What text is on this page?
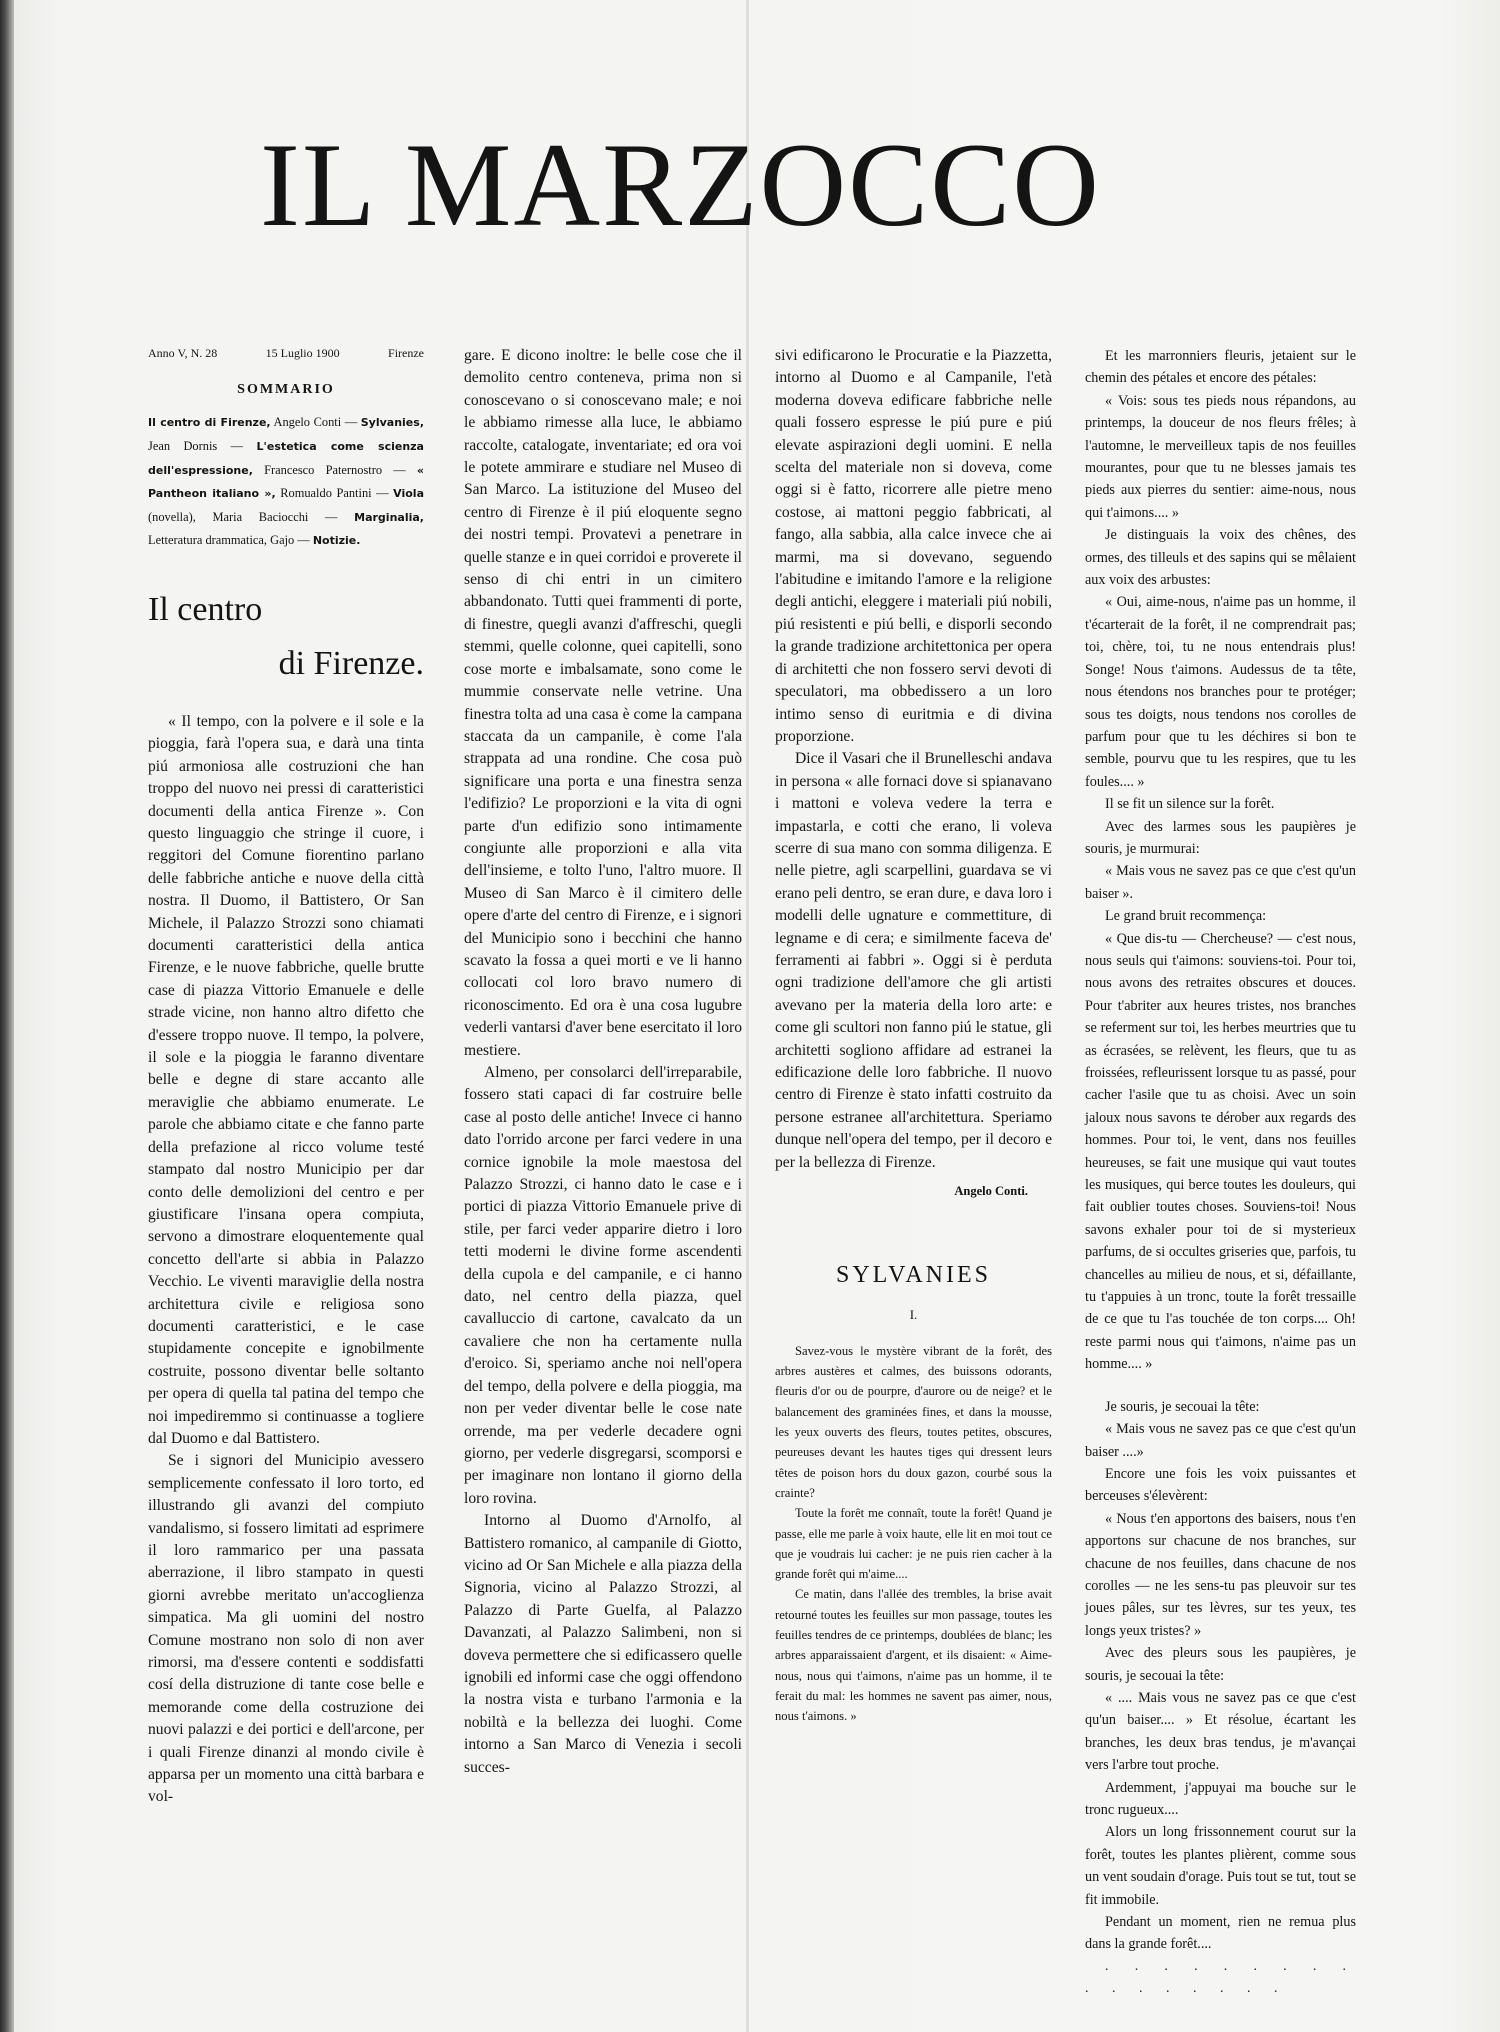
IL MARZOCCO
Anno V, N. 28	15 Luglio 1900	Firenze
SOMMARIO

Il centro di Firenze, Angelo Conti — Sylvanies, Jean Dornis — L'estetica come scienza dell'espressione, Francesco Paternostro — « Pantheon italiano », Romualdo Pantini — Viola (novella), Maria Baciocchi — Marginalia, Letteratura drammatica, Gajo — Notizie.

Il centro
di Firenze.

« Il tempo, con la polvere e il sole e la pioggia, farà l'opera sua, e darà una tinta piú armoniosa alle costruzioni che han troppo del nuovo nei pressi di caratteristici documenti della antica Firenze ». Con questo linguaggio che stringe il cuore, i reggitori del Comune fiorentino parlano delle fabbriche antiche e nuove della città nostra. Il Duomo, il Battistero, Or San Michele, il Palazzo Strozzi sono chiamati documenti caratteristici della antica Firenze, e le nuove fabbriche, quelle brutte case di piazza Vittorio Emanuele e delle strade vicine, non hanno altro difetto che d'essere troppo nuove. Il tempo, la polvere, il sole e la pioggia le faranno diventare belle e degne di stare accanto alle meraviglie che abbiamo enumerate. Le parole che abbiamo citate e che fanno parte della prefazione al ricco volume testé stampato dal nostro Municipio per dar conto delle demolizioni del centro e per giustificare l'insana opera compiuta, servono a dimostrare eloquentemente qual concetto dell'arte si abbia in Palazzo Vecchio. Le viventi maraviglie della nostra architettura civile e religiosa sono documenti caratteristici, e le case stupidamente concepite e ignobilmente costruite, possono diventar belle soltanto per opera di quella tal patina del tempo che noi impediremmo si continuasse a togliere dal Duomo e dal Battistero.

Se i signori del Municipio avessero semplicemente confessato il loro torto, ed illustrando gli avanzi del compiuto vandalismo, si fossero limitati ad esprimere il loro rammarico per una passata aberrazione, il libro stampato in questi giorni avrebbe meritato un'accoglienza simpatica. Ma gli uomini del nostro Comune mostrano non solo di non aver rimorsi, ma d'essere contenti e soddisfatti cosí della distruzione di tante cose belle e memorande come della costruzione dei nuovi palazzi e dei portici e dell'arcone, per i quali Firenze dinanzi al mondo civile è apparsa per un momento una città barbara e vol-

gare. E dicono inoltre: le belle cose che il demolito centro conteneva, prima non si conoscevano o si conoscevano male; e noi le abbiamo rimesse alla luce, le abbiamo raccolte, catalogate, inventariate; ed ora voi le potete ammirare e studiare nel Museo di San Marco. La istituzione del Museo del centro di Firenze è il piú eloquente segno dei nostri tempi. Provatevi a penetrare in quelle stanze e in quei corridoi e proverete il senso di chi entri in un cimitero abbandonato. Tutti quei frammenti di porte, di finestre, quegli avanzi d'affreschi, quegli stemmi, quelle colonne, quei capitelli, sono cose morte e imbalsamate, sono come le mummie conservate nelle vetrine. Una finestra tolta ad una casa è come la campana staccata da un campanile, è come l'ala strappata ad una rondine. Che cosa può significare una porta e una finestra senza l'edifizio? Le proporzioni e la vita di ogni parte d'un edifizio sono intimamente congiunte alle proporzioni e alla vita dell'insieme, e tolto l'uno, l'altro muore. Il Museo di San Marco è il cimitero delle opere d'arte del centro di Firenze, e i signori del Municipio sono i becchini che hanno scavato la fossa a quei morti e ve li hanno collocati col loro bravo numero di riconoscimento. Ed ora è una cosa lugubre vederli vantarsi d'aver bene esercitato il loro mestiere.

Almeno, per consolarci dell'irreparabile, fossero stati capaci di far costruire belle case al posto delle antiche! Invece ci hanno dato l'orrido arcone per farci vedere in una cornice ignobile la mole maestosa del Palazzo Strozzi, ci hanno dato le case e i portici di piazza Vittorio Emanuele prive di stile, per farci veder apparire dietro i loro tetti moderni le divine forme ascendenti della cupola e del campanile, e ci hanno dato, nel centro della piazza, quel cavalluccio di cartone, cavalcato da un cavaliere che non ha certamente nulla d'eroico. Si, speriamo anche noi nell'opera del tempo, della polvere e della pioggia, ma non per veder diventar belle le cose nate orrende, ma per vederle decadere ogni giorno, per vederle disgregarsi, scomporsi e per imaginare non lontano il giorno della loro rovina.

Intorno al Duomo d'Arnolfo, al Battistero romanico, al campanile di Giotto, vicino ad Or San Michele e alla piazza della Signoria, vicino al Palazzo Strozzi, al Palazzo di Parte Guelfa, al Palazzo Davanzati, al Palazzo Salimbeni, non si doveva permettere che si edificassero quelle ignobili ed informi case che oggi offendono la nostra vista e turbano l'armonia e la nobiltà e la bellezza dei luoghi. Come intorno a San Marco di Venezia i secoli succes-

sivi edificarono le Procuratie e la Piazzetta, intorno al Duomo e al Campanile, l'età moderna doveva edificare fabbriche nelle quali fossero espresse le piú pure e piú elevate aspirazioni degli uomini. E nella scelta del materiale non si doveva, come oggi si è fatto, ricorrere alle pietre meno costose, ai mattoni peggio fabbricati, al fango, alla sabbia, alla calce invece che ai marmi, ma si dovevano, seguendo l'abitudine e imitando l'amore e la religione degli antichi, eleggere i materiali piú nobili, piú resistenti e piú belli, e disporli secondo la grande tradizione architettonica per opera di architetti che non fossero servi devoti di speculatori, ma obbedissero a un loro intimo senso di euritmia e di divina proporzione.

Dice il Vasari che il Brunelleschi andava in persona « alle fornaci dove si spianavano i mattoni e voleva vedere la terra e impastarla, e cotti che erano, li voleva scerre di sua mano con somma diligenza. E nelle pietre, agli scarpellini, guardava se vi erano peli dentro, se eran dure, e dava loro i modelli delle ugnature e commettiture, di legname e di cera; e similmente faceva de' ferramenti ai fabbri ». Oggi si è perduta ogni tradizione dell'amore che gli artisti avevano per la materia della loro arte: e come gli scultori non fanno piú le statue, gli architetti sogliono affidare ad estranei la edificazione delle loro fabbriche. Il nuovo centro di Firenze è stato infatti costruito da persone estranee all'architettura. Speriamo dunque nell'opera del tempo, per il decoro e per la bellezza di Firenze.

Angelo Conti.
SYLVANIES
I.

Savez-vous le mystère vibrant de la forêt, des arbres austères et calmes, des buissons odorants, fleuris d'or ou de pourpre, d'aurore ou de neige? et le balancement des graminées fines, et dans la mousse, les yeux ouverts des fleurs, toutes petites, obscures, peureuses devant les hautes tiges qui dressent leurs têtes de poison hors du doux gazon, courbé sous la crainte?

Toute la forêt me connaît, toute la forêt! Quand je passe, elle me parle à voix haute, elle lit en moi tout ce que je voudrais lui cacher: je ne puis rien cacher à la grande forêt qui m'aime....

Ce matin, dans l'allée des trembles, la brise avait retourné toutes les feuilles sur mon passage, toutes les feuilles tendres de ce printemps, doublées de blanc; les arbres apparaissaient d'argent, et ils disaient: « Aime-nous, nous qui t'aimons, n'aime pas un homme, il te ferait du mal: les hommes ne savent pas aimer, nous, nous t'aimons. »

Et les marronniers fleuris, jetaient sur le chemin des pétales et encore des pétales:

« Vois: sous tes pieds nous répandons, au printemps, la douceur de nos fleurs frêles; à l'automne, le merveilleux tapis de nos feuilles mourantes, pour que tu ne blesses jamais tes pieds aux pierres du sentier: aime-nous, nous qui t'aimons.... »

Je distinguais la voix des chênes, des ormes, des tilleuls et des sapins qui se mêlaient aux voix des arbustes:

« Oui, aime-nous, n'aime pas un homme, il t'écarterait de la forêt, il ne comprendrait pas; toi, chère, toi, tu ne nous entendrais plus! Songe! Nous t'aimons. Audessus de ta tête, nous étendons nos branches pour te protéger; sous tes doigts, nous tendons nos corolles de parfum pour que tu les déchires si bon te semble, pourvu que tu les respires, que tu les foules.... »

Il se fit un silence sur la forêt.

Avec des larmes sous les paupières je souris, je murmurai:

« Mais vous ne savez pas ce que c'est qu'un baiser ».

Le grand bruit recommença:

« Que dis-tu — Chercheuse? — c'est nous, nous seuls qui t'aimons: souviens-toi. Pour toi, nous avons des retraites obscures et douces. Pour t'abriter aux heures tristes, nos branches se referment sur toi, les herbes meurtries que tu as écrasées, se relèvent, les fleurs, que tu as froissées, refleurissent lorsque tu as passé, pour cacher l'asile que tu as choisi. Avec un soin jaloux nous savons te dérober aux regards des hommes. Pour toi, le vent, dans nos feuilles heureuses, se fait une musique qui vaut toutes les musiques, qui berce toutes les douleurs, qui fait oublier toutes choses. Souviens-toi! Nous savons exhaler pour toi de si mysterieux parfums, de si occultes griseries que, parfois, tu chancelles au milieu de nous, et si, défaillante, tu t'appuies à un tronc, toute la forêt tressaille de ce que tu l'as touchée de ton corps.... Oh! reste parmi nous qui t'aimons, n'aime pas un homme.... »

Je souris, je secouai la tête:

« Mais vous ne savez pas ce que c'est qu'un baiser ....»

Encore une fois les voix puissantes et berceuses s'élevèrent:

« Nous t'en apportons des baisers, nous t'en apportons sur chacune de nos branches, sur chacune de nos feuilles, dans chacune de nos corolles — ne les sens-tu pas pleuvoir sur tes joues pâles, sur tes lèvres, sur tes yeux, tes longs yeux tristes? »

Avec des pleurs sous les paupières, je souris, je secouai la tête:

« .... Mais vous ne savez pas ce que c'est qu'un baiser.... » Et résolue, écartant les branches, les deux bras tendus, je m'avançai vers l'arbre tout proche.

Ardemment, j'appuyai ma bouche sur le tronc rugueux....

Alors un long frissonnement courut sur la forêt, toutes les plantes plièrent, comme sous un vent soudain d'orage. Puis tout se tut, tout se fit immobile.

Pendant un moment, rien ne remua plus dans la grande forêt....

. . . . . . . . . . . . . . . . .
